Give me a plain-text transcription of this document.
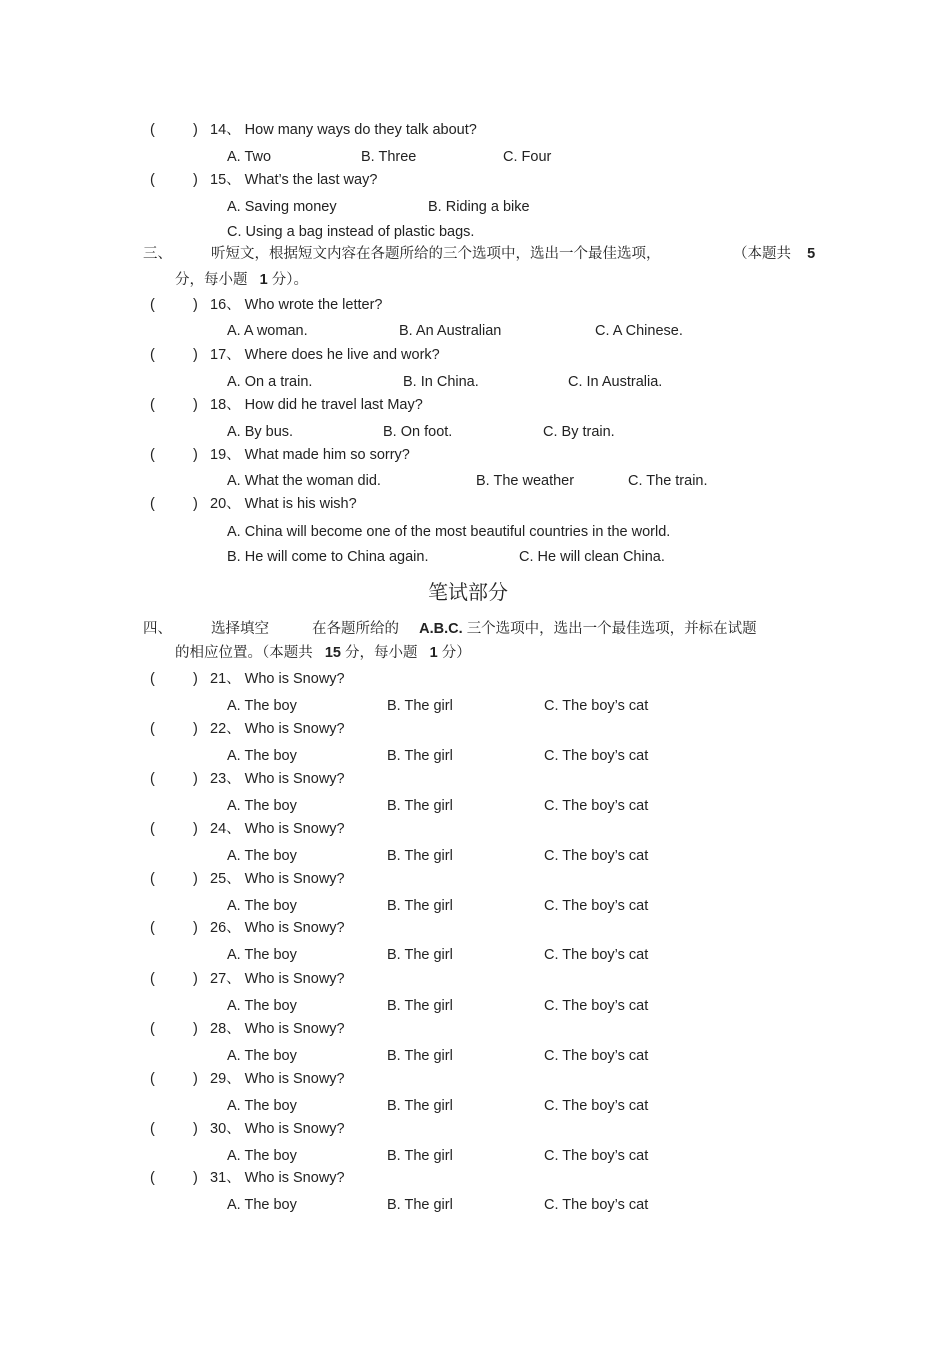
(	) 14、 How many ways do they talk about?
A. Two	B. Three	C. Four
(	) 15、 What’s the last way?
A. Saving money	B. Riding a bike
C. Using a bag instead of plastic bags.
三、	听短文，根据短文内容在各题所给的三个选项中，选出一个最佳选项，	（本题共 5
分，每小题 1 分）。
(	) 16、 Who wrote the letter?
A. A woman.	B. An Australian	C. A Chinese.
(	) 17、 Where does he live and work?
A. On a train.	B. In China.	C. In Australia.
(	) 18、 How did he travel last May?
A. By bus.	B. On foot.	C. By train.
(	) 19、 What made him so sorry?
A. What the woman did.	B. The weather	C. The train.
(	) 20、 What is his wish?
A. China will become one of the most beautiful countries in the world.
B. He will come to China again.	C. He will clean China.
笔试部分
四、	选择填空	在各题所给的 A.B.C. 三个选项中，选出一个最佳选项，并标在试题
的相应位置。（本题共 15 分，每小题 1 分）
(	) 21、 Who is Snowy?
A. The boy	B. The girl	C. The boy’s cat
(	) 22、 Who is Snowy?
A. The boy	B. The girl	C. The boy’s cat
(	) 23、 Who is Snowy?
A. The boy	B. The girl	C. The boy’s cat
(	) 24、 Who is Snowy?
A. The boy	B. The girl	C. The boy’s cat
(	) 25、 Who is Snowy?
A. The boy	B. The girl	C. The boy’s cat
(	) 26、 Who is Snowy?
A. The boy	B. The girl	C. The boy’s cat
(	) 27、 Who is Snowy?
A. The boy	B. The girl	C. The boy’s cat
(	) 28、 Who is Snowy?
A. The boy	B. The girl	C. The boy’s cat
(	) 29、 Who is Snowy?
A. The boy	B. The girl	C. The boy’s cat
(	) 30、 Who is Snowy?
A. The boy	B. The girl	C. The boy’s cat
(	) 31、 Who is Snowy?
A. The boy	B. The girl	C. The boy’s cat
